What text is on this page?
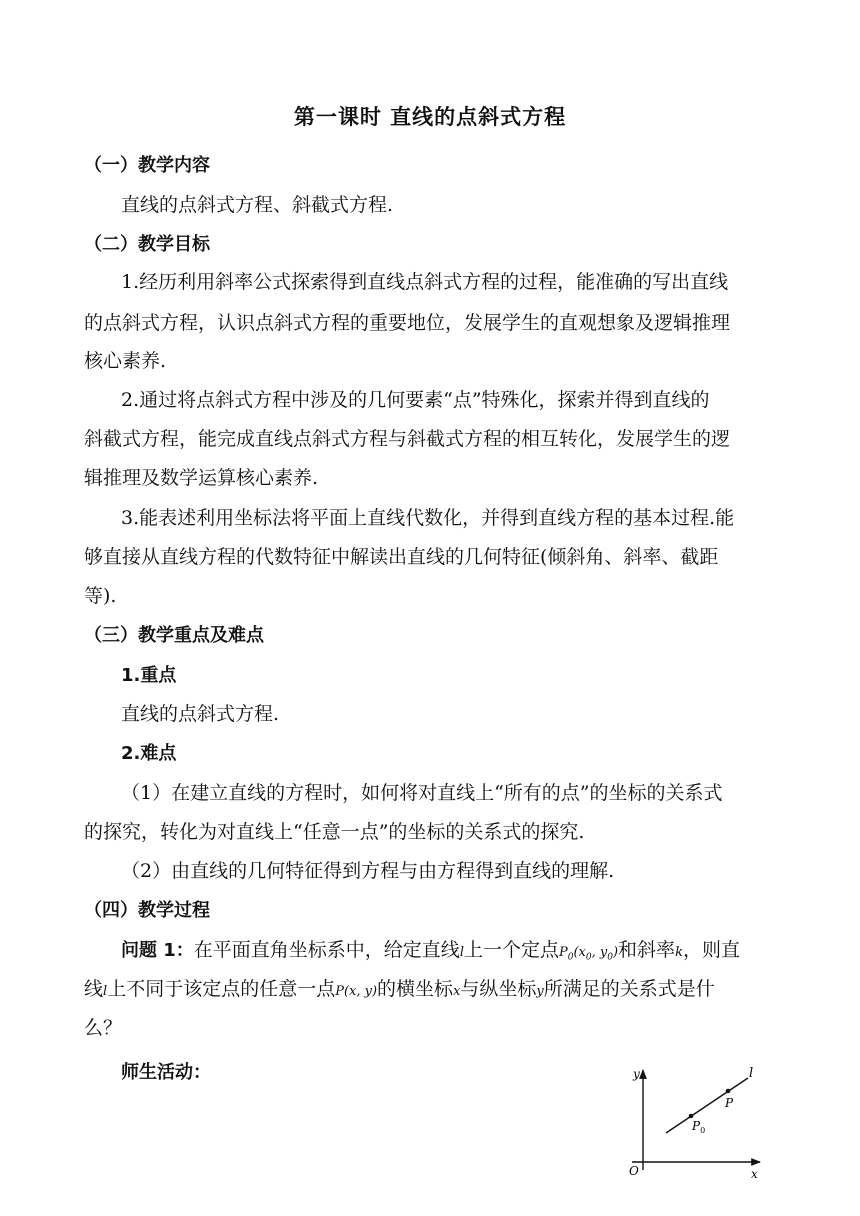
第一课时 直线的点斜式方程
（一）教学内容
直线的点斜式方程、斜截式方程.
（二）教学目标
1.经历利用斜率公式探索得到直线点斜式方程的过程，能准确的写出直线
的点斜式方程，认识点斜式方程的重要地位，发展学生的直观想象及逻辑推理
核心素养.
2.通过将点斜式方程中涉及的几何要素“点”特殊化，探索并得到直线的
斜截式方程，能完成直线点斜式方程与斜截式方程的相互转化，发展学生的逻
辑推理及数学运算核心素养.
3.能表述利用坐标法将平面上直线代数化，并得到直线方程的基本过程.能
够直接从直线方程的代数特征中解读出直线的几何特征(倾斜角、斜率、截距
等).
（三）教学重点及难点
1.重点
直线的点斜式方程.
2.难点
（1）在建立直线的方程时，如何将对直线上“所有的点”的坐标的关系式
的探究，转化为对直线上“任意一点”的坐标的关系式的探究.
（2）由直线的几何特征得到方程与由方程得到直线的理解.
（四）教学过程
问题 1：在平面直角坐标系中，给定直线l上一个定点$P_0(x_0$, $y_0$)和斜率k，则直
线l上不同于该定点的任意一点P(x, y)的横坐标x与纵坐标y所满足的关系式是什
么？
师生活动：	y
x
O
l
P
$P_0$
